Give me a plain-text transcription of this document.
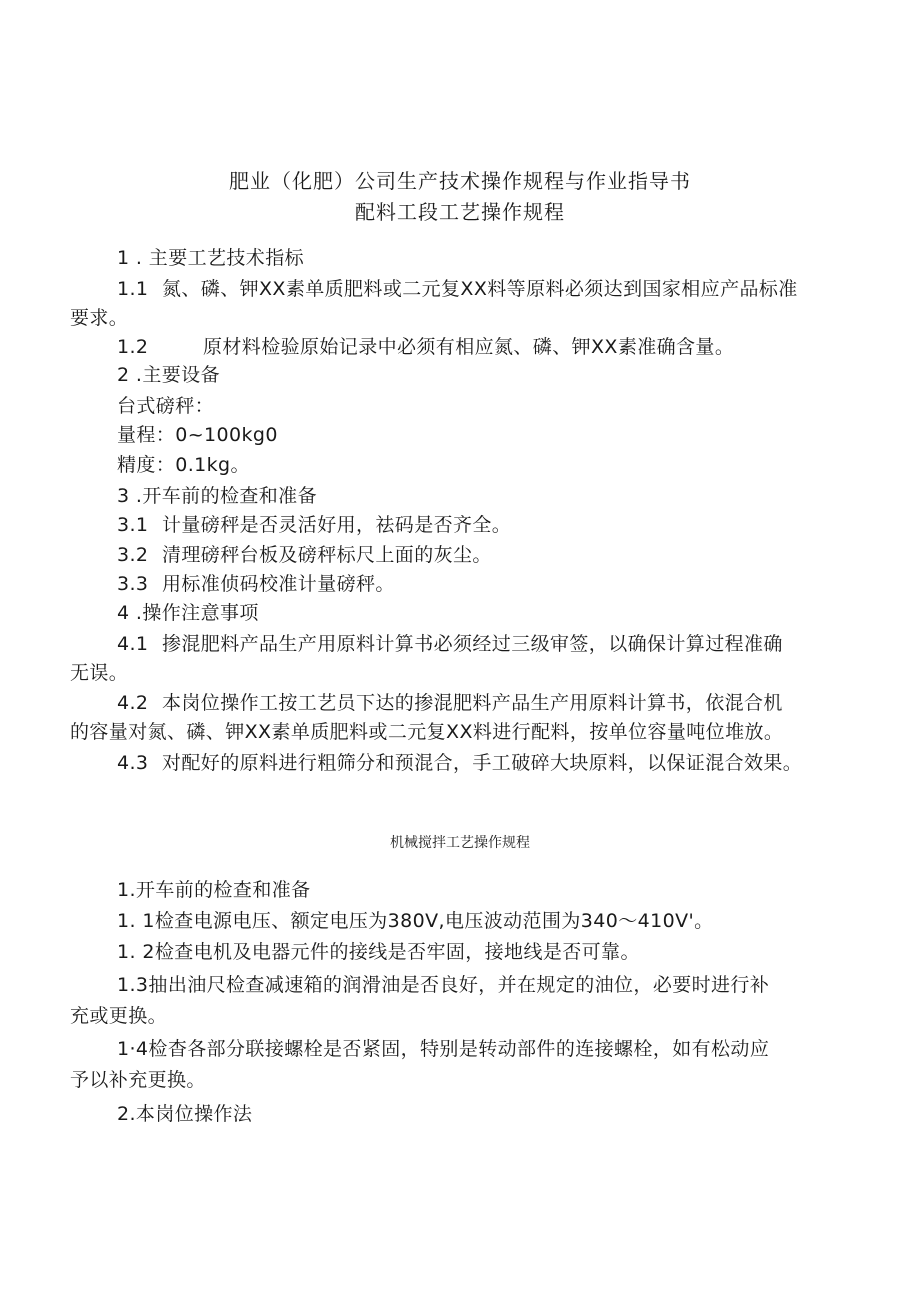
肥业（化肥）公司生产技术操作规程与作业指导书
配料工段工艺操作规程
1 . 主要工艺技术指标
1.1 氮、磷、钾XX素单质肥料或二元复XX料等原料必须达到国家相应产品标准
要求。
1.2	原材料检验原始记录中必须有相应氮、磷、钾XX素准确含量。
2 .主要设备
台式磅秤：
量程：0~100kg0
精度：0.1kg。
3 .开车前的检查和准备
3.1 计量磅秤是否灵活好用，祛码是否齐全。
3.2 清理磅秤台板及磅秤标尺上面的灰尘。
3.3 用标准侦码校准计量磅秤。
4 .操作注意事项
4.1 掺混肥料产品生产用原料计算书必须经过三级审签，以确保计算过程准确
无误。
4.2 本岗位操作工按工艺员下达的掺混肥料产品生产用原料计算书，依混合机
的容量对氮、磷、钾XX素单质肥料或二元复XX料进行配料，按单位容量吨位堆放。
4.3 对配好的原料进行粗筛分和预混合，手工破碎大块原料，以保证混合效果。
机械搅拌工艺操作规程
1.开车前的检查和准备
1. 1检查电源电压、额定电压为380V,电压波动范围为340〜410V'。
1. 2检查电机及电器元件的接线是否牢固，接地线是否可靠。
1.3抽出油尺检查减速箱的润滑油是否良好，并在规定的油位，必要时进行补
充或更换。
1·4检杳各部分联接螺栓是否紧固，特别是转动部件的连接螺栓，如有松动应
予以补充更换。
2.本岗位操作法
